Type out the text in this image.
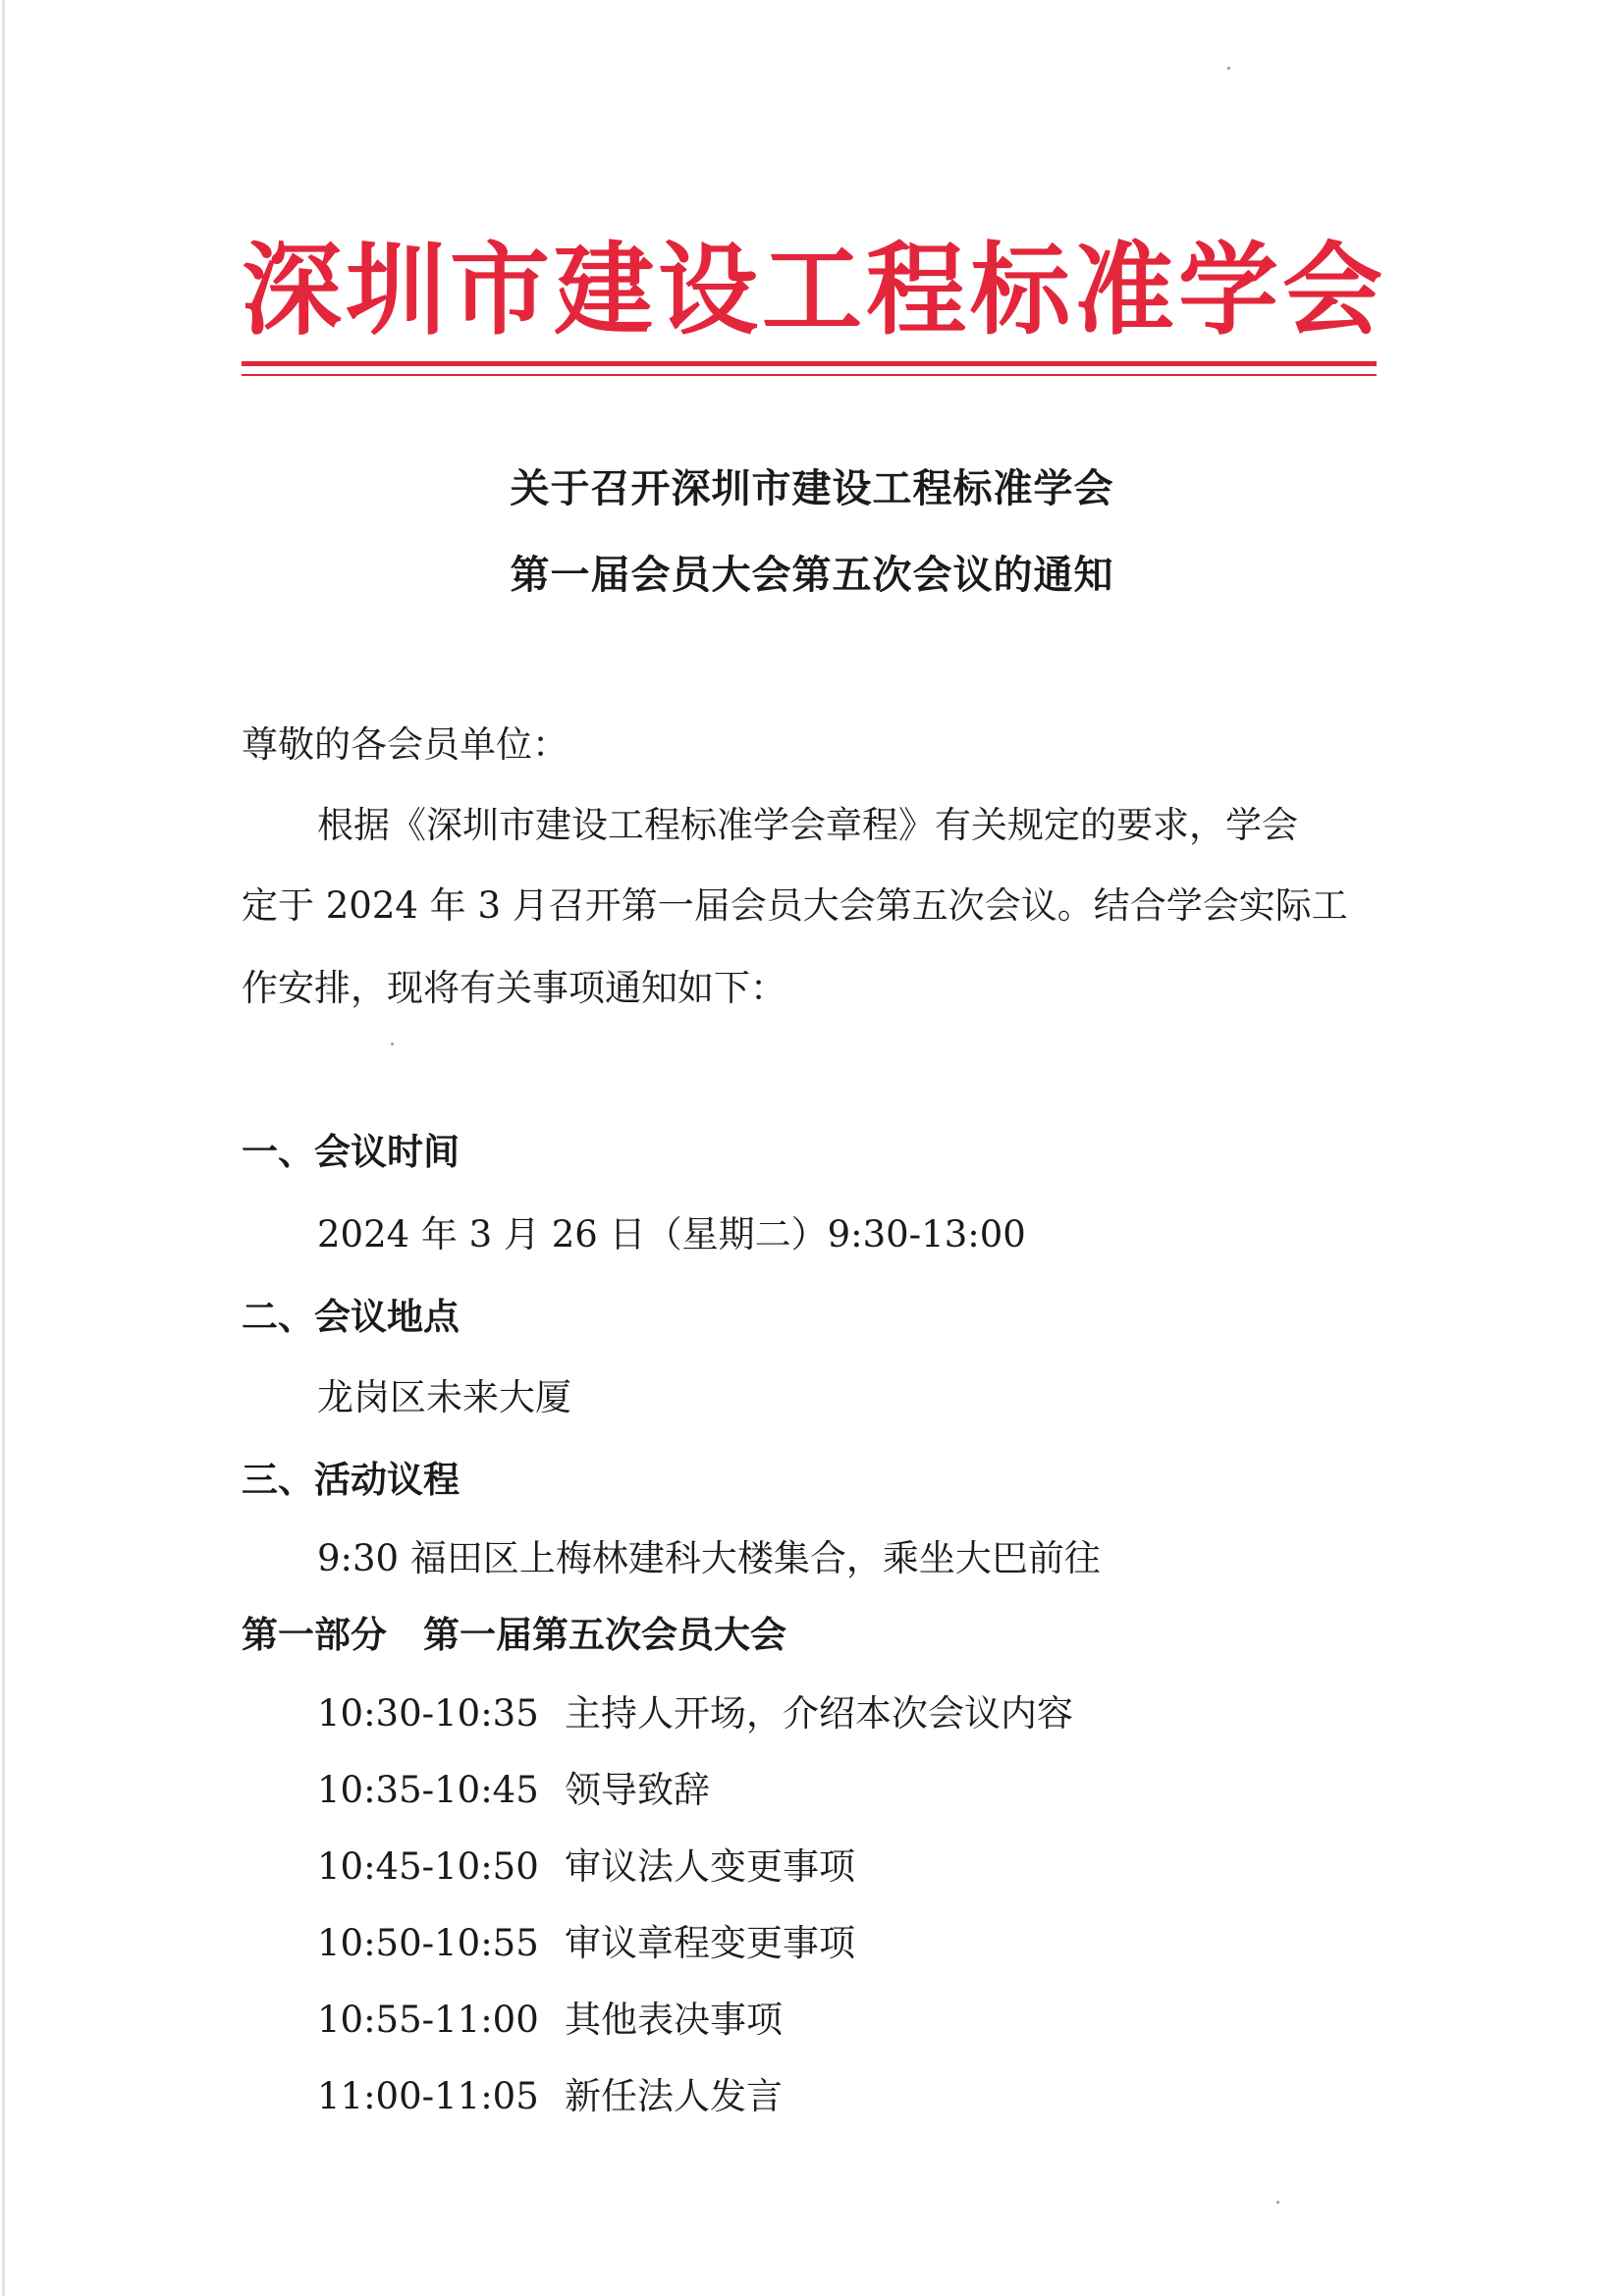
深圳市建设工程标准学会
关于召开深圳市建设工程标准学会
第一届会员大会第五次会议的通知
尊敬的各会员单位：
根据《深圳市建设工程标准学会章程》有关规定的要求，学会
定于 2024 年 3 月召开第一届会员大会第五次会议。结合学会实际工
作安排，现将有关事项通知如下：
一、会议时间
2024 年 3 月 26 日（星期二）9:30-13:00
二、会议地点
龙岗区未来大厦
三、活动议程
9:30 福田区上梅林建科大楼集合，乘坐大巴前往
第一部分　第一届第五次会员大会
10:30-10:35 主持人开场，介绍本次会议内容
10:35-10:45 领导致辞
10:45-10:50 审议法人变更事项
10:50-10:55 审议章程变更事项
10:55-11:00 其他表决事项
11:00-11:05 新任法人发言
